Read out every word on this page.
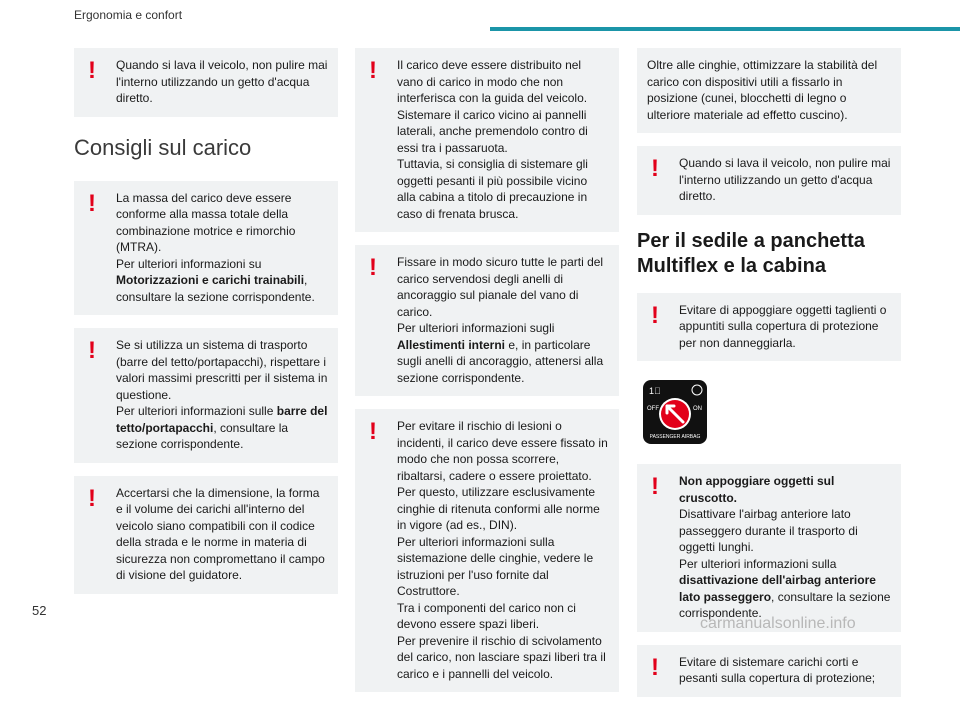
Ergonomia e confort
!	Quando si lava il veicolo, non pulire mai l'interno utilizzando un getto d'acqua diretto.

Consigli sul carico
!	La massa del carico deve essere conforme alla massa totale della combinazione motrice e rimorchio (MTRA).

Per ulteriori informazioni su Motorizzazioni e carichi trainabili, consultare la sezione corrispondente.

!	Se si utilizza un sistema di trasporto (barre del tetto/portapacchi), rispettare i valori massimi prescritti per il sistema in questione.

Per ulteriori informazioni sulle barre del tetto/portapacchi, consultare la sezione corrispondente.

!	Accertarsi che la dimensione, la forma e il volume dei carichi all'interno del veicolo siano compatibili con il codice della strada e le norme in materia di sicurezza non compromettano il campo di visione del guidatore.

!	Il carico deve essere distribuito nel vano di carico in modo che non interferisca con la guida del veicolo.

Sistemare il carico vicino ai pannelli laterali, anche premendolo contro di essi tra i passaruota.

Tuttavia, si consiglia di sistemare gli oggetti pesanti il più possibile vicino alla cabina a titolo di precauzione in caso di frenata brusca.

!	Fissare in modo sicuro tutte le parti del carico servendosi degli anelli di ancoraggio sul pianale del vano di carico.

Per ulteriori informazioni sugli Allestimenti interni e, in particolare sugli anelli di ancoraggio, attenersi alla sezione corrispondente.

!	Per evitare il rischio di lesioni o incidenti, il carico deve essere fissato in modo che non possa scorrere, ribaltarsi, cadere o essere proiettato. Per questo, utilizzare esclusivamente cinghie di ritenuta conformi alle norme in vigore (ad es., DIN).

Per ulteriori informazioni sulla sistemazione delle cinghie, vedere le istruzioni per l'uso fornite dal Costruttore.

Tra i componenti del carico non ci devono essere spazi liberi.

Per prevenire il rischio di scivolamento del carico, non lasciare spazi liberi tra il carico e i pannelli del veicolo.

Oltre alle cinghie, ottimizzare la stabilità del carico con dispositivi utili a fissarlo in posizione (cunei, blocchetti di legno o ulteriore materiale ad effetto cuscino).

!	Quando si lava il veicolo, non pulire mai l'interno utilizzando un getto d'acqua diretto.

Per il sedile a panchetta Multiflex e la cabina
!	Evitare di appoggiare oggetti taglienti o appuntiti sulla copertura di protezione per non danneggiarla.

1⃝
OFF	ON
PASSENGER AIRBAG
!	Non appoggiare oggetti sul cruscotto.

Disattivare l'airbag anteriore lato passeggero durante il trasporto di oggetti lunghi.

Per ulteriori informazioni sulla disattivazione dell'airbag anteriore lato passeggero, consultare la sezione corrispondente.

!	Evitare di sistemare carichi corti e pesanti sulla copertura di protezione;

52
carmanualsonline.info
